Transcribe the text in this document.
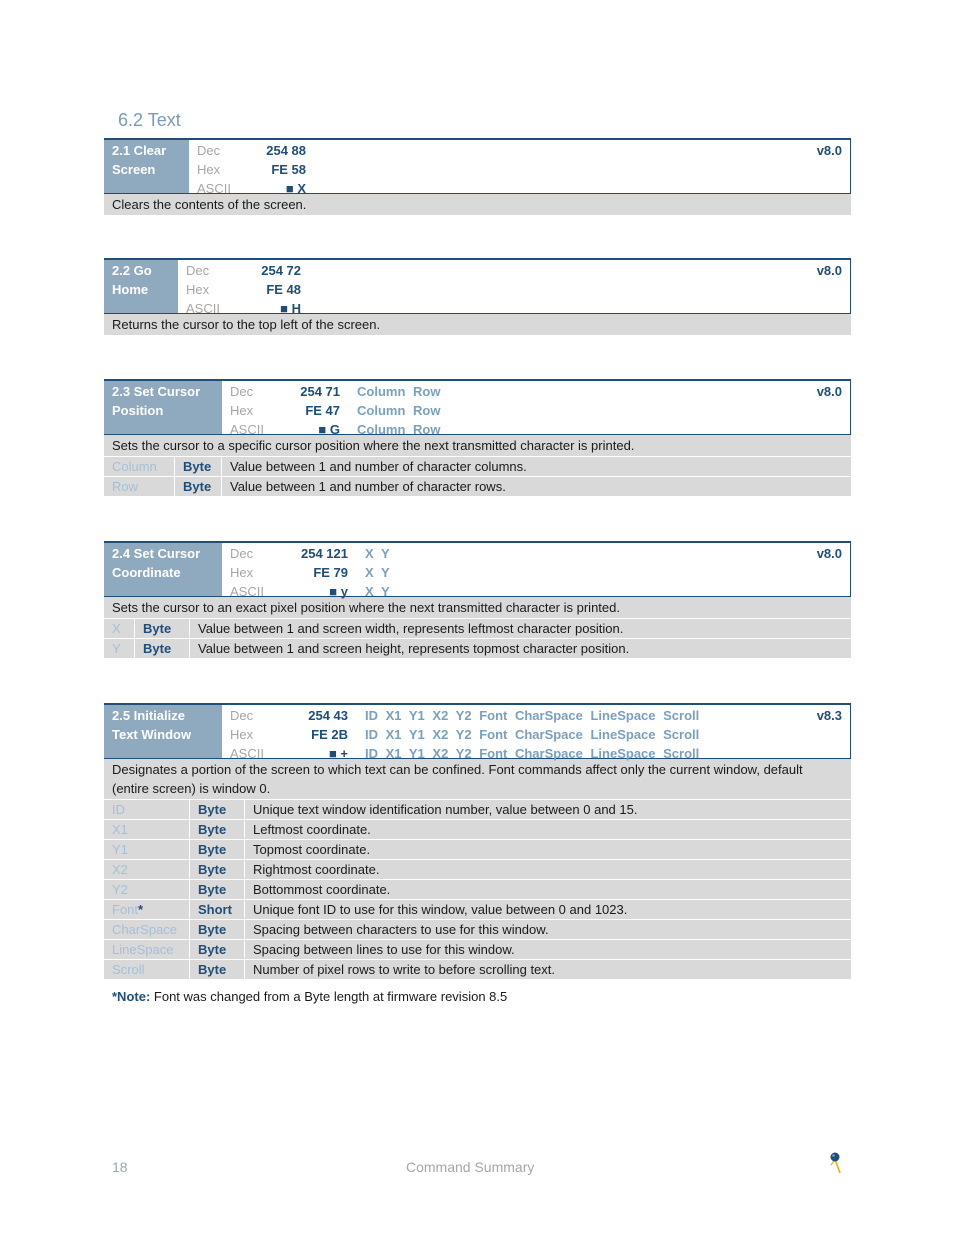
6.2 Text
2.1 Clear
Screen
Dec	254 88
Hex	FE 58
ASCII	■ X
v8.0
Clears the contents of the screen.
2.2 Go
Home
Dec	254 72
Hex	FE 48
ASCII	■ H
v8.0
Returns the cursor to the top left of the screen.
2.3 Set Cursor
Position
Dec	254 71 Column Row
Hex	FE 47 Column Row
ASCII	■ G Column Row
v8.0
Sets the cursor to a specific cursor position where the next transmitted character is printed.
Column	Byte	Value between 1 and number of character columns.
Row	Byte	Value between 1 and number of character rows.
2.4 Set Cursor
Coordinate
Dec	254 121 X Y
Hex	FE 79 X Y
ASCII	■ y X Y
v8.0
Sets the cursor to an exact pixel position where the next transmitted character is printed.
X	Byte	Value between 1 and screen width, represents leftmost character position.
Y	Byte	Value between 1 and screen height, represents topmost character position.
2.5 Initialize
Text Window
Dec	254 43 ID X1 Y1 X2 Y2 Font CharSpace LineSpace Scroll
Hex	FE 2B ID X1 Y1 X2 Y2 Font CharSpace LineSpace Scroll
ASCII	■ + ID X1 Y1 X2 Y2 Font CharSpace LineSpace Scroll
v8.3
Designates a portion of the screen to which text can be confined. Font commands affect only the current window, default (entire screen) is window 0.
ID	Byte	Unique text window identification number, value between 0 and 15.
X1	Byte	Leftmost coordinate.
Y1	Byte	Topmost coordinate.
X2	Byte	Rightmost coordinate.
Y2	Byte	Bottommost coordinate.
Font*	Short	Unique font ID to use for this window, value between 0 and 1023.
CharSpace	Byte	Spacing between characters to use for this window.
LineSpace	Byte	Spacing between lines to use for this window.
Scroll	Byte	Number of pixel rows to write to before scrolling text.
*Note: Font was changed from a Byte length at firmware revision 8.5
18	Command Summary
